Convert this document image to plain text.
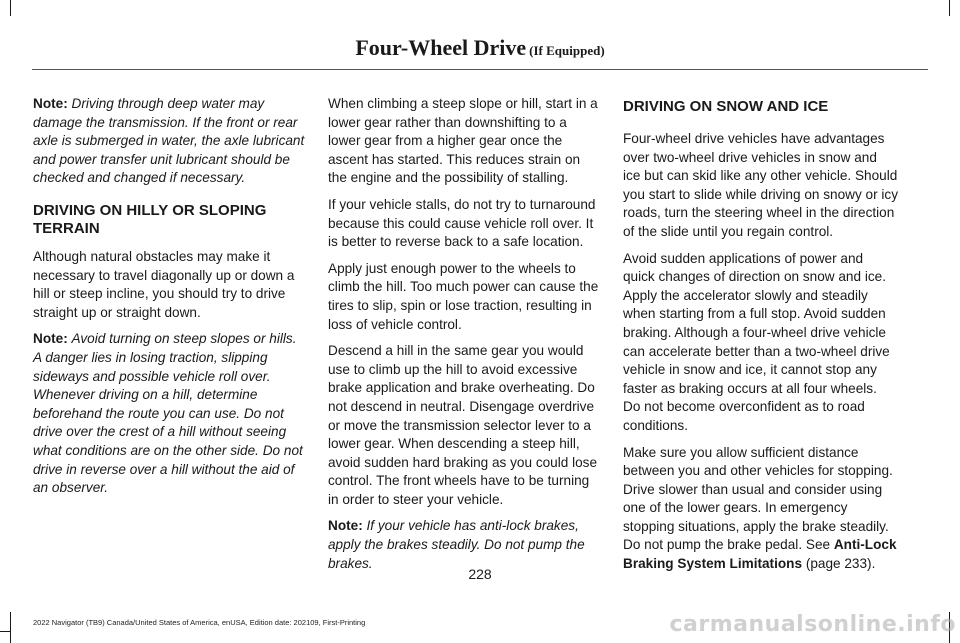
Four-Wheel Drive (If Equipped)

Note: Driving through deep water may damage the transmission. If the front or rear axle is submerged in water, the axle lubricant and power transfer unit lubricant should be checked and changed if necessary.

DRIVING ON HILLY OR SLOPING TERRAIN

Although natural obstacles may make it necessary to travel diagonally up or down a hill or steep incline, you should try to drive straight up or straight down.

Note: Avoid turning on steep slopes or hills. A danger lies in losing traction, slipping sideways and possible vehicle roll over. Whenever driving on a hill, determine beforehand the route you can use. Do not drive over the crest of a hill without seeing what conditions are on the other side. Do not drive in reverse over a hill without the aid of an observer.

When climbing a steep slope or hill, start in a lower gear rather than downshifting to a lower gear from a higher gear once the ascent has started. This reduces strain on the engine and the possibility of stalling.

If your vehicle stalls, do not try to turnaround because this could cause vehicle roll over. It is better to reverse back to a safe location.

Apply just enough power to the wheels to climb the hill. Too much power can cause the tires to slip, spin or lose traction, resulting in loss of vehicle control.

Descend a hill in the same gear you would use to climb up the hill to avoid excessive brake application and brake overheating. Do not descend in neutral. Disengage overdrive or move the transmission selector lever to a lower gear. When descending a steep hill, avoid sudden hard braking as you could lose control. The front wheels have to be turning in order to steer your vehicle.

Note: If your vehicle has anti-lock brakes, apply the brakes steadily. Do not pump the brakes.

DRIVING ON SNOW AND ICE

Four-wheel drive vehicles have advantages over two-wheel drive vehicles in snow and ice but can skid like any other vehicle. Should you start to slide while driving on snowy or icy roads, turn the steering wheel in the direction of the slide until you regain control.

Avoid sudden applications of power and quick changes of direction on snow and ice. Apply the accelerator slowly and steadily when starting from a full stop. Avoid sudden braking. Although a four-wheel drive vehicle can accelerate better than a two-wheel drive vehicle in snow and ice, it cannot stop any faster as braking occurs at all four wheels. Do not become overconfident as to road conditions.

Make sure you allow sufficient distance between you and other vehicles for stopping. Drive slower than usual and consider using one of the lower gears. In emergency stopping situations, apply the brake steadily. Do not pump the brake pedal. See Anti-Lock Braking System Limitations (page 233).

228
2022 Navigator (TB9) Canada/United States of America, enUSA, Edition date: 202109, First-Printing	carmanualsonline.info
